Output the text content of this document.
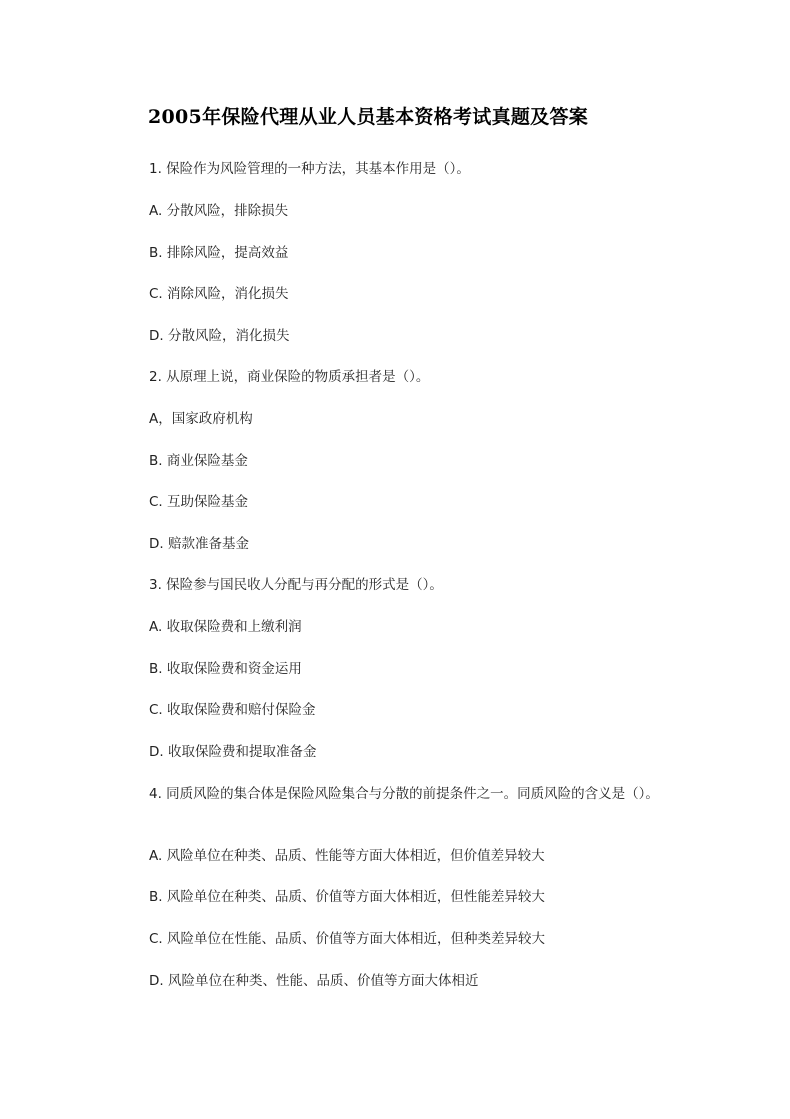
2005年保险代理从业人员基本资格考试真题及答案
1. 保险作为风险管理的一种方法，其基本作用是（）。
A. 分散风险，排除损失
B. 排除风险，提高效益
C. 消除风险，消化损失
D. 分散风险，消化损失
2. 从原理上说，商业保险的物质承担者是（）。
A，国家政府机构
B. 商业保险基金
C. 互助保险基金
D. 赔款准备基金
3. 保险参与国民收人分配与再分配的形式是（）。
A. 收取保险费和上缴利润
B. 收取保险费和资金运用
C. 收取保险费和赔付保险金
D. 收取保险费和提取准备金
4. 同质风险的集合体是保险风险集合与分散的前提条件之一。同质风险的含义是（）。
A. 风险单位在种类、品质、性能等方面大体相近，但价值差异较大
B. 风险单位在种类、品质、价值等方面大体相近，但性能差异较大
C. 风险单位在性能、品质、价值等方面大体相近，但种类差异较大
D. 风险单位在种类、性能、品质、价值等方面大体相近
